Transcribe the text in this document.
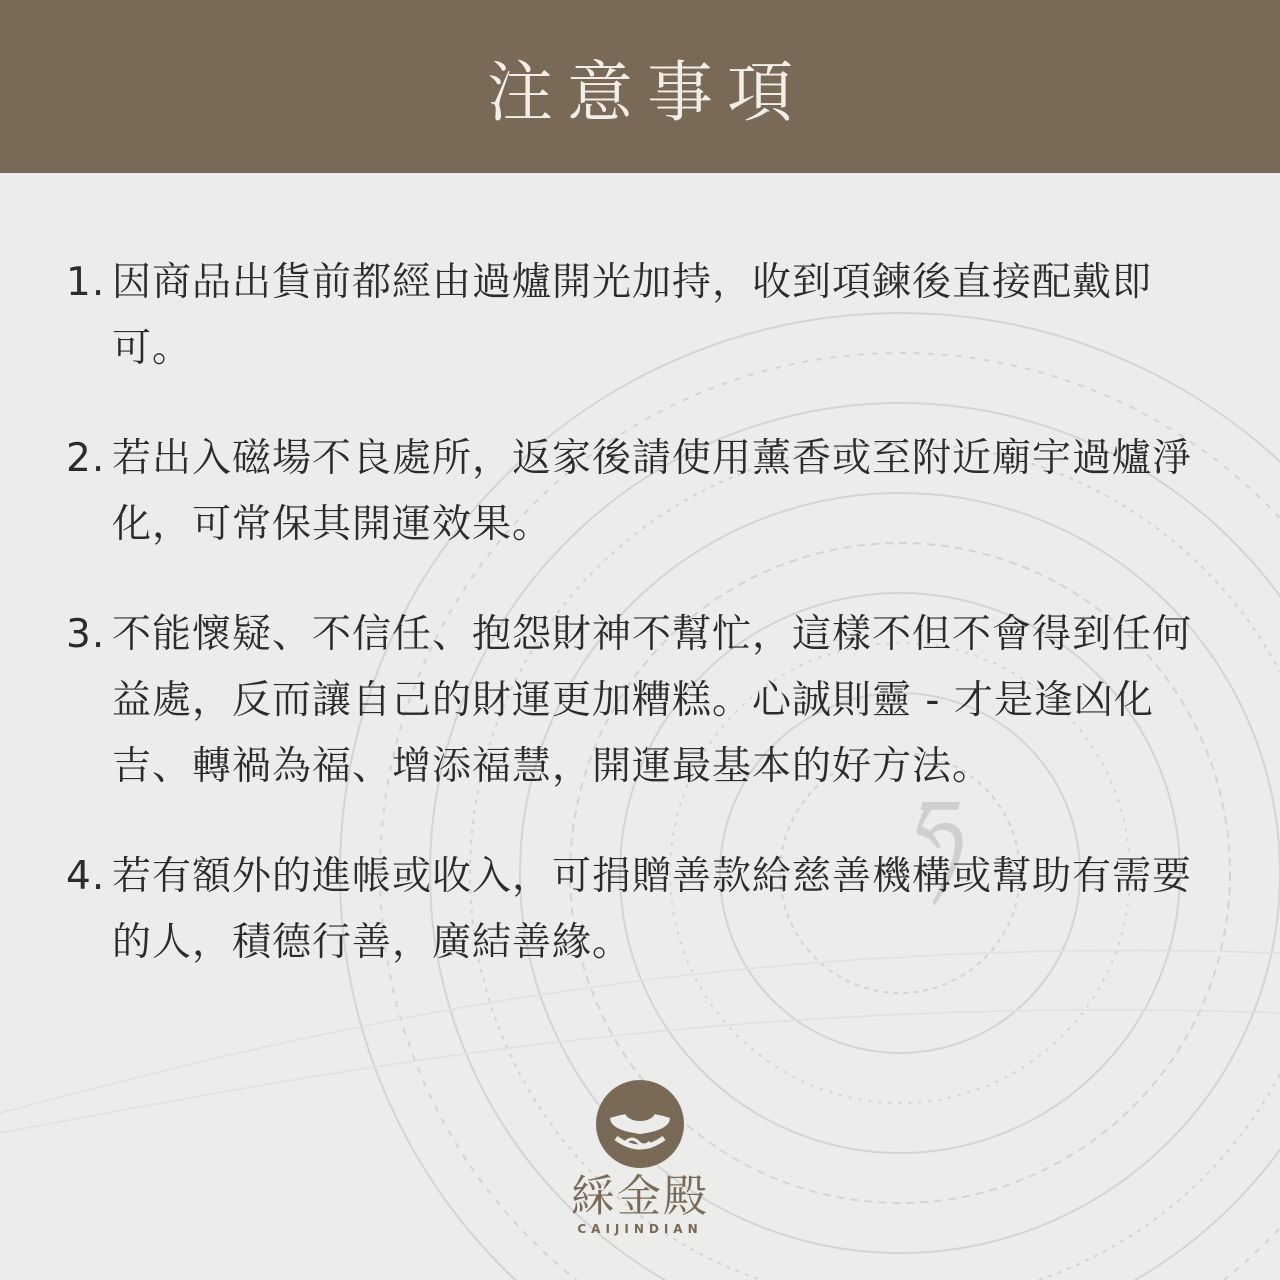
注意事項
ཧ
1. 因商品出貨前都經由過爐開光加持，收到項鍊後直接配戴即可。
2. 若出入磁場不良處所，返家後請使用薰香或至附近廟宇過爐淨化，可常保其開運效果。
3. 不能懷疑、不信任、抱怨財神不幫忙，這樣不但不會得到任何益處，反而讓自己的財運更加糟糕。心誠則靈 - 才是逢凶化吉、轉禍為福、增添福慧，開運最基本的好方法。
4. 若有額外的進帳或收入，可捐贈善款給慈善機構或幫助有需要的人，積德行善，廣結善緣。
綵金殿
CAIJINDIAN
